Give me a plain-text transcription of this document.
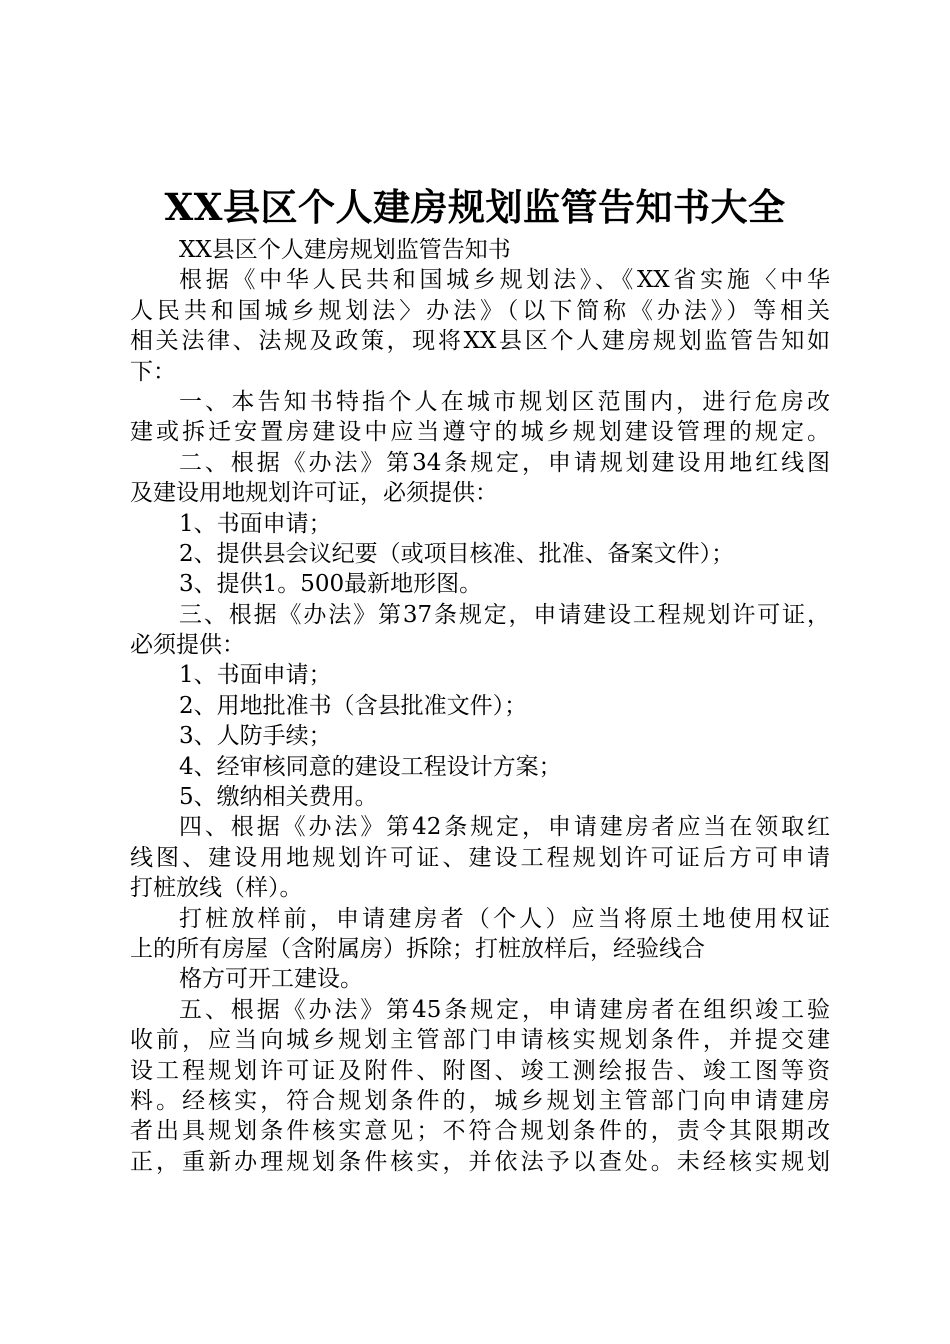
XX县区个人建房规划监管告知书大全
XX县区个人建房规划监管告知书
根据《中华人民共和国城乡规划法》、《XX省实施〈中华
人民共和国城乡规划法〉办法》（以下简称《办法》）等相关
相关法律、法规及政策，现将XX县区个人建房规划监管告知如
下：
一、本告知书特指个人在城市规划区范围内，进行危房改
建或拆迁安置房建设中应当遵守的城乡规划建设管理的规定。
二、根据《办法》第34条规定，申请规划建设用地红线图
及建设用地规划许可证，必须提供：
1、书面申请；
2、提供县会议纪要（或项目核准、批准、备案文件）；
3、提供1。500最新地形图。
三、根据《办法》第37条规定，申请建设工程规划许可证，
必须提供：
1、书面申请；
2、用地批准书（含县批准文件）；
3、人防手续；
4、经审核同意的建设工程设计方案；
5、缴纳相关费用。
四、根据《办法》第42条规定，申请建房者应当在领取红
线图、建设用地规划许可证、建设工程规划许可证后方可申请
打桩放线（样）。
打桩放样前，申请建房者（个人）应当将原土地使用权证
上的所有房屋（含附属房）拆除；打桩放样后，经验线合
格方可开工建设。
五、根据《办法》第45条规定，申请建房者在组织竣工验
收前，应当向城乡规划主管部门申请核实规划条件，并提交建
设工程规划许可证及附件、附图、竣工测绘报告、竣工图等资
料。经核实，符合规划条件的，城乡规划主管部门向申请建房
者出具规划条件核实意见；不符合规划条件的，责令其限期改
正，重新办理规划条件核实，并依法予以查处。未经核实规划
